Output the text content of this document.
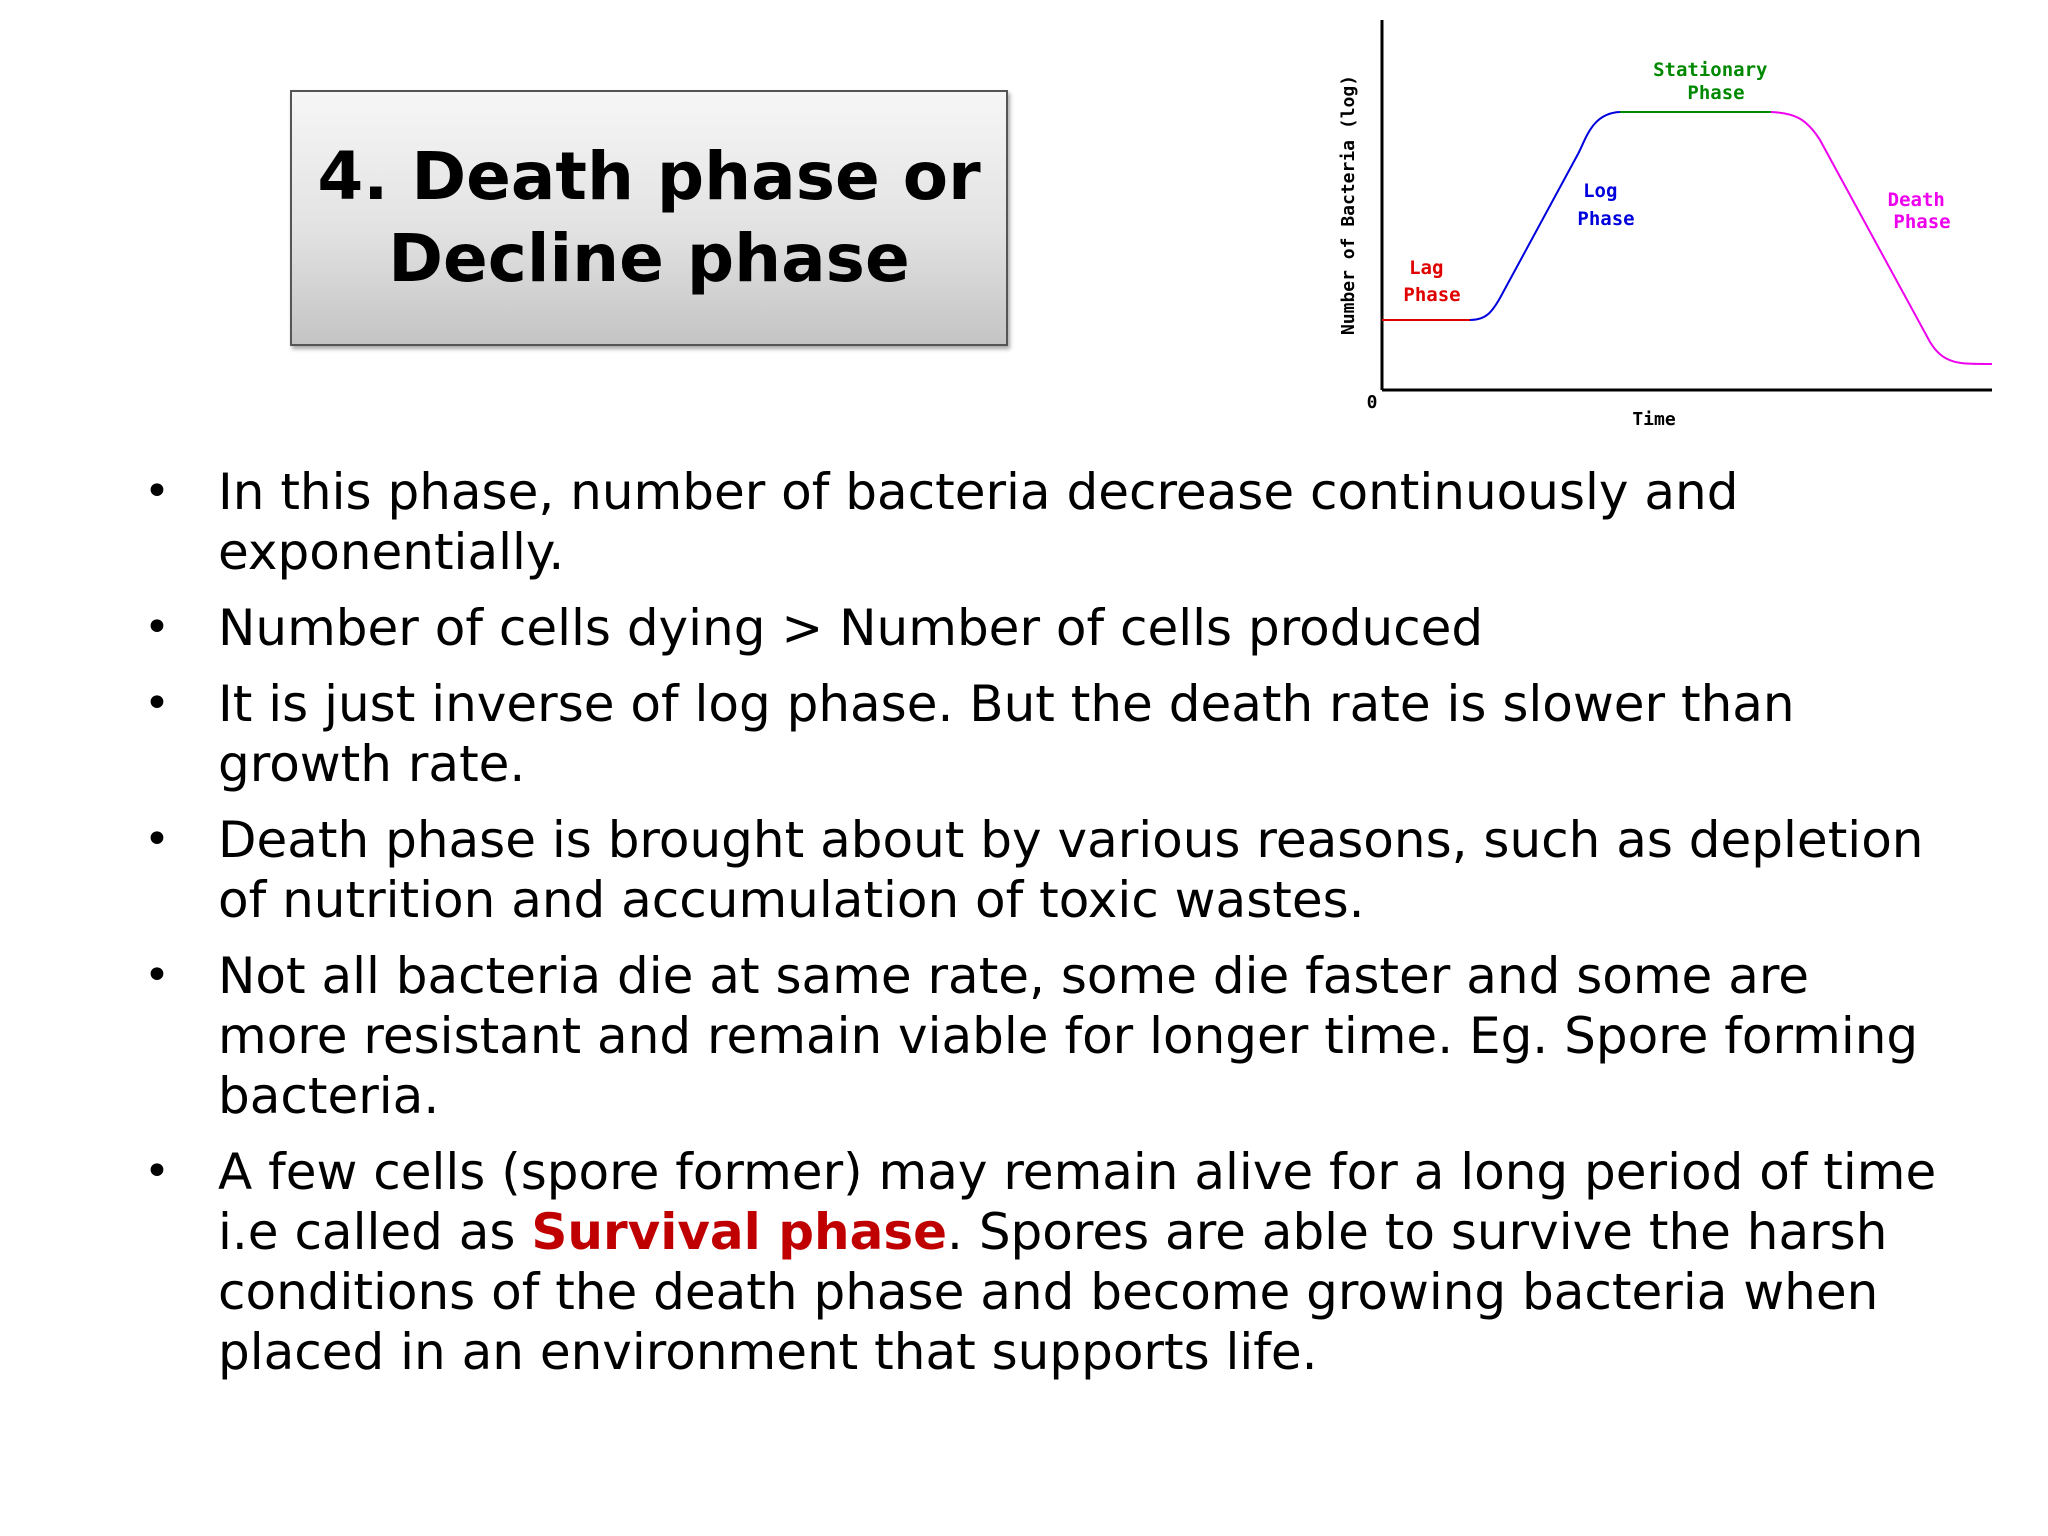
4. Death phase or
Decline phase
0
Time
Number of Bacteria (log)	Lag Phase
Log Phase
Stationary Phase
Death Phase
• In this phase, number of bacteria decrease continuously and exponentially.
• Number of cells dying > Number of cells produced
• It is just inverse of log phase. But the death rate is slower than growth rate.
• Death phase is brought about by various reasons, such as depletion of nutrition and accumulation of toxic wastes.
• Not all bacteria die at same rate, some die faster and some are more resistant and remain viable for longer time. Eg. Spore forming bacteria.
• A few cells (spore former) may remain alive for a long period of time i.e called as Survival phase. Spores are able to survive the harsh conditions of the death phase and become growing bacteria when placed in an environment that supports life.
